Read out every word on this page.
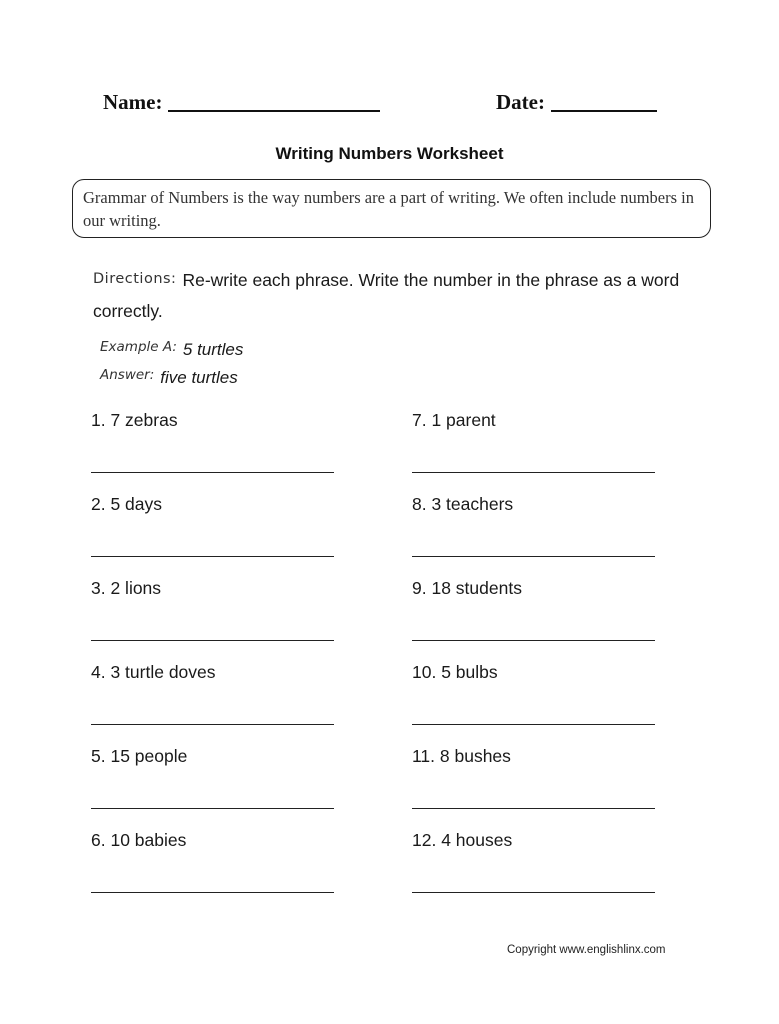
Name:	Date:
Writing Numbers Worksheet
Grammar of Numbers is the way numbers are a part of writing. We often include numbers in our writing.
Directions: Re-write each phrase. Write the number in the phrase as a word correctly.
$^{Example A:}$ 5 turtles
$^{Answer:}$ five turtles
1. 7 zebras
2. 5 days
3. 2 lions
4. 3 turtle doves
5. 15 people
6. 10 babies
7. 1 parent
8. 3 teachers
9. 18 students
10. 5 bulbs
11. 8 bushes
12. 4 houses
Copyright www.englishlinx.com
